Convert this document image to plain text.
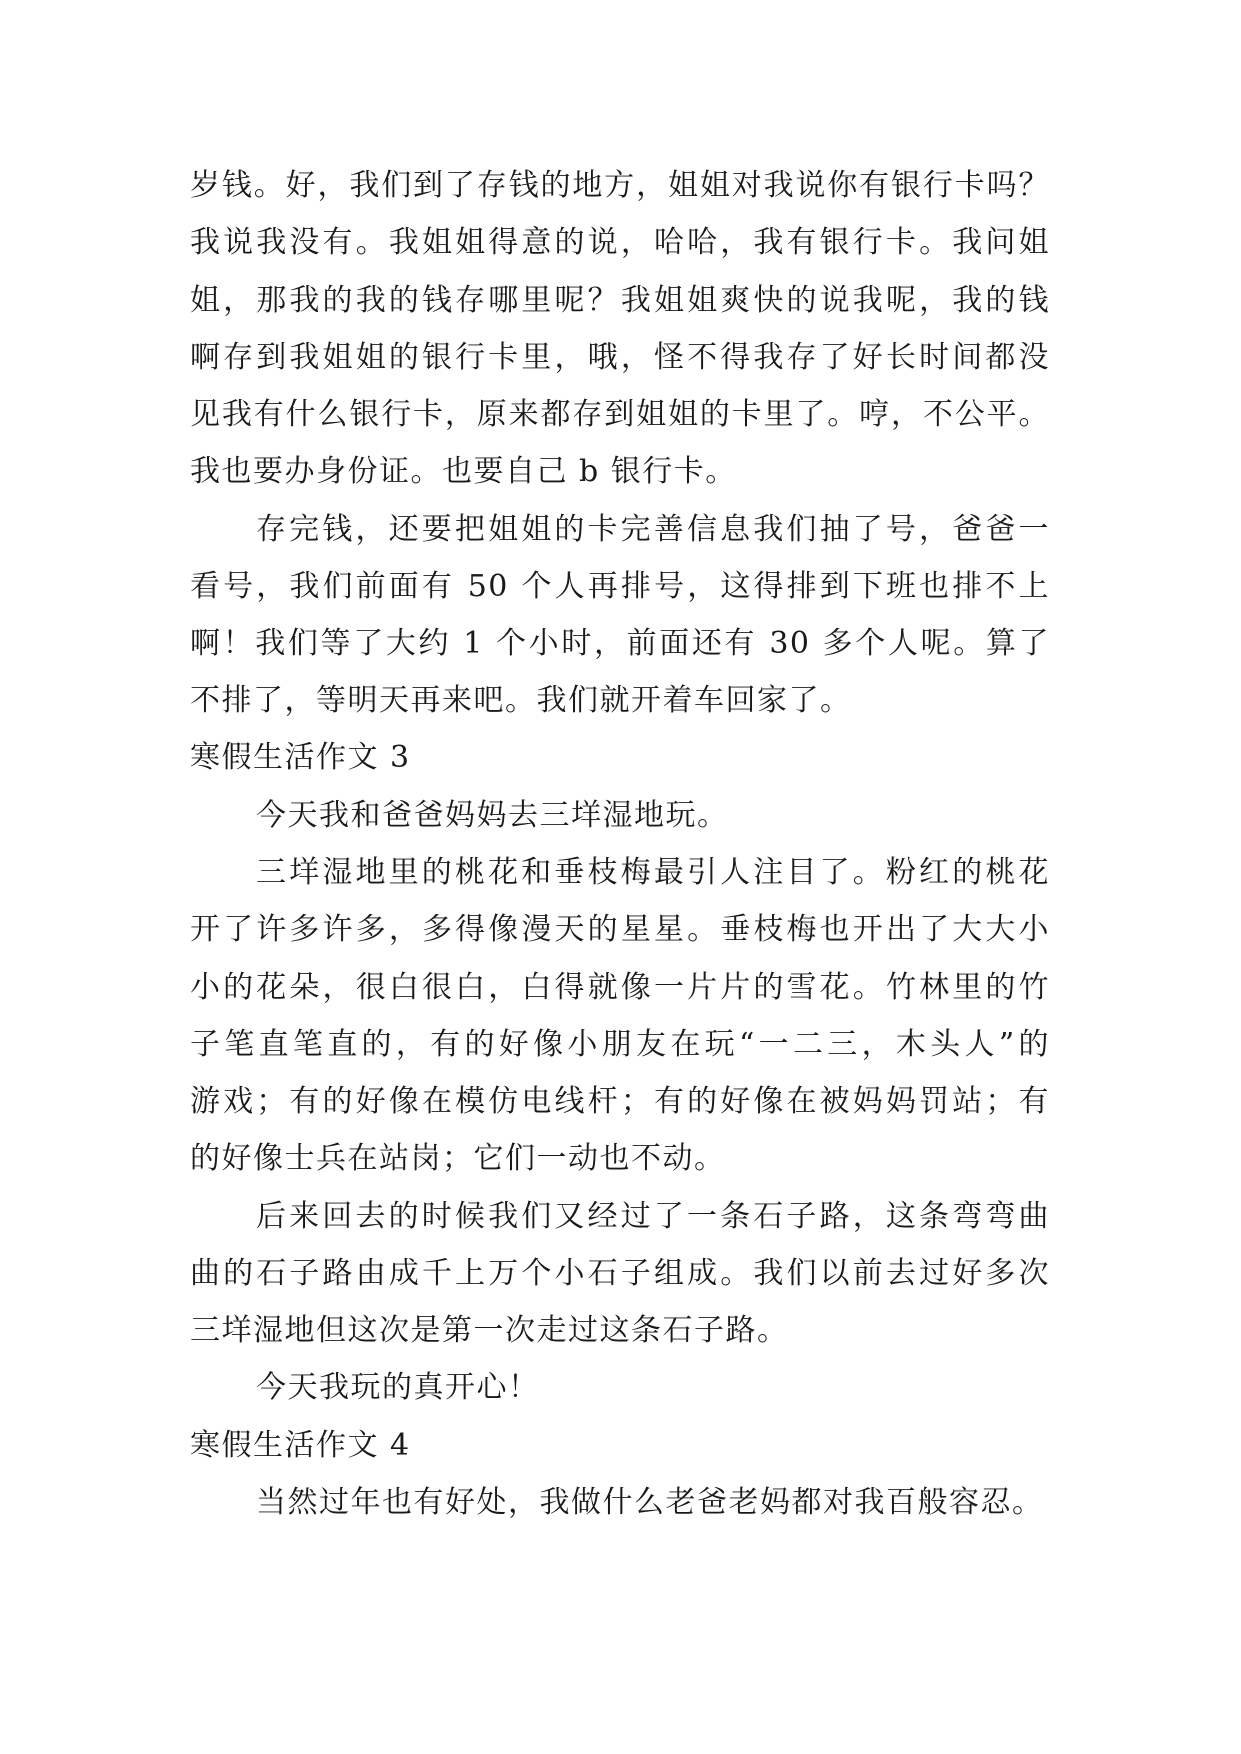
岁钱。好，我们到了存钱的地方，姐姐对我说你有银行卡吗？
我说我没有。我姐姐得意的说，哈哈，我有银行卡。我问姐
姐，那我的我的钱存哪里呢？我姐姐爽快的说我呢，我的钱
啊存到我姐姐的银行卡里，哦，怪不得我存了好长时间都没
见我有什么银行卡，原来都存到姐姐的卡里了。哼，不公平。
我也要办身份证。也要自己 b 银行卡。
存完钱，还要把姐姐的卡完善信息我们抽了号，爸爸一
看号，我们前面有 50 个人再排号，这得排到下班也排不上
啊！我们等了大约 1 个小时，前面还有 30 多个人呢。算了
不排了，等明天再来吧。我们就开着车回家了。
寒假生活作文 3
今天我和爸爸妈妈去三垟湿地玩。
三垟湿地里的桃花和垂枝梅最引人注目了。粉红的桃花
开了许多许多，多得像漫天的星星。垂枝梅也开出了大大小
小的花朵，很白很白，白得就像一片片的雪花。竹林里的竹
子笔直笔直的，有的好像小朋友在玩“一二三，木头人”的
游戏；有的好像在模仿电线杆；有的好像在被妈妈罚站；有
的好像士兵在站岗；它们一动也不动。
后来回去的时候我们又经过了一条石子路，这条弯弯曲
曲的石子路由成千上万个小石子组成。我们以前去过好多次
三垟湿地但这次是第一次走过这条石子路。
今天我玩的真开心！
寒假生活作文 4
当然过年也有好处，我做什么老爸老妈都对我百般容忍。
